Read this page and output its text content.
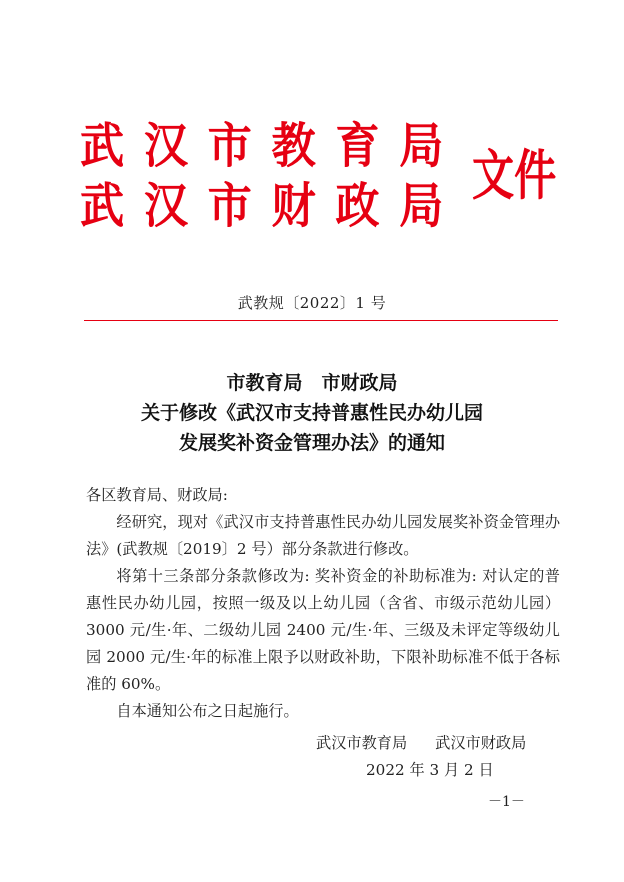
武 汉 市 教 育 局
武 汉 市 财 政 局 文件
武教规〔2022〕1 号
市教育局　市财政局
关于修改《武汉市支持普惠性民办幼儿园
发展奖补资金管理办法》的通知

各区教育局、财政局:

经研究，现对《武汉市支持普惠性民办幼儿园发展奖补资金管理办法》(武教规〔2019〕2 号）部分条款进行修改。

将第十三条部分条款修改为: 奖补资金的补助标准为: 对认定的普惠性民办幼儿园，按照一级及以上幼儿园（含省、市级示范幼儿园）3000 元/生·年、二级幼儿园 2400 元/生·年、三级及未评定等级幼儿园 2000 元/生·年的标准上限予以财政补助，下限补助标准不低于各标准的 60%。

自本通知公布之日起施行。

武汉市教育局 武汉市财政局
2022 年 3 月 2 日
－1－
